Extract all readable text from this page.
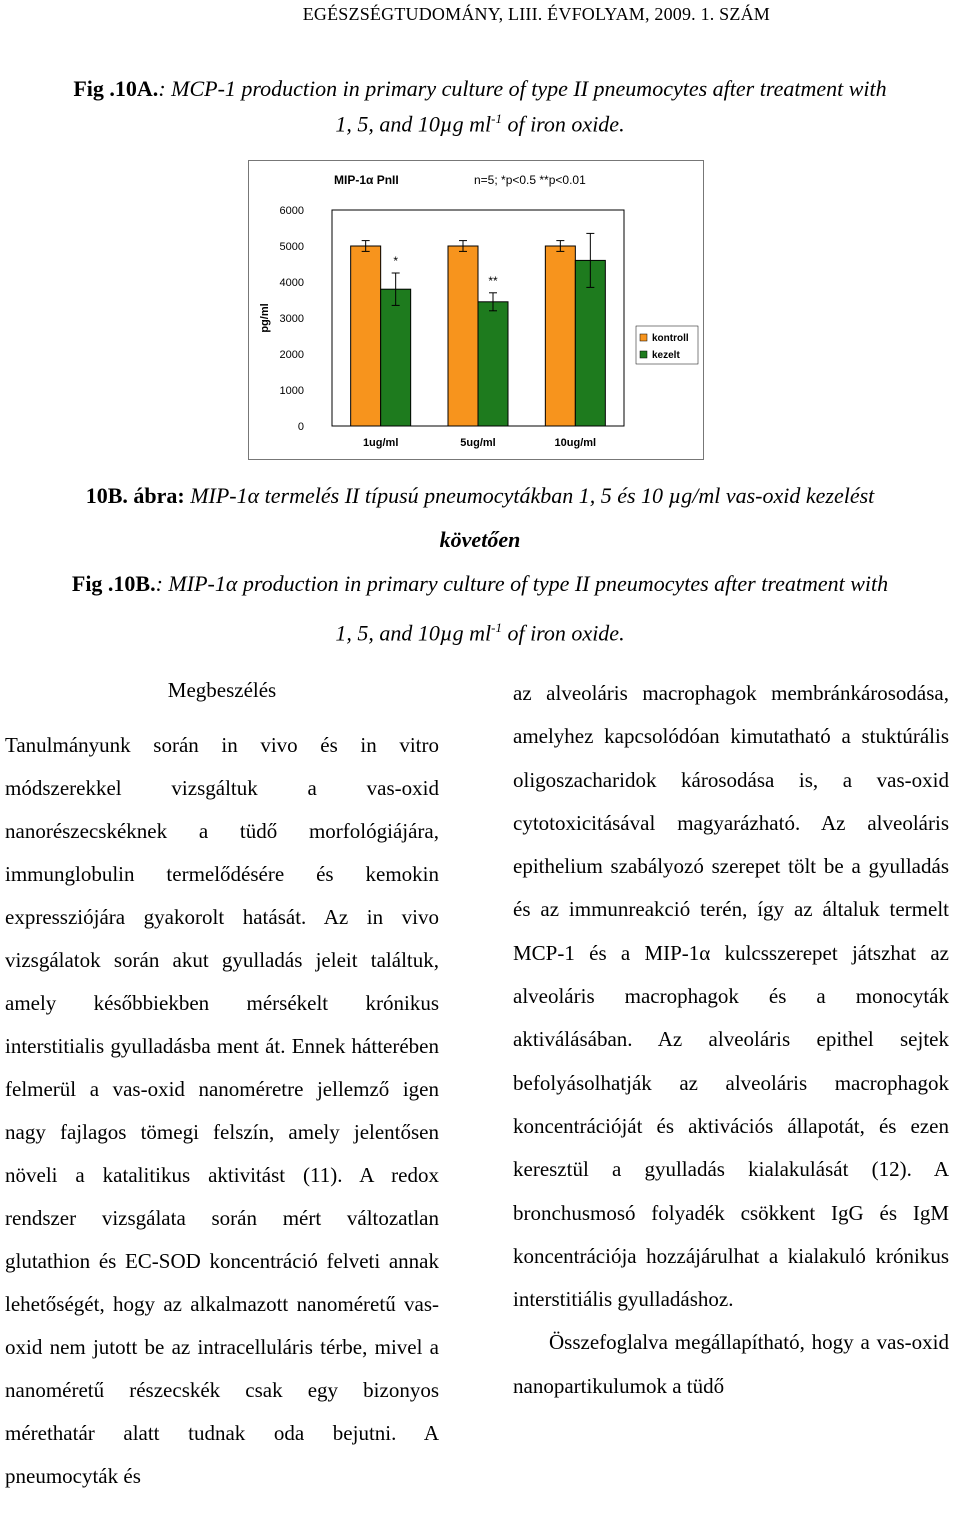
EGÉSZSÉGTUDOMÁNY, LIII. ÉVFOLYAM, 2009. 1. SZÁM
Fig .10A.: MCP-1 production in primary culture of type II pneumocytes after treatment with
1, 5, and 10µg $ml^{-1}$ of iron oxide.
MIP-1α PnII	n=5; *p<0.5 **p<0.01
0
1000
2000
3000
4000
5000
6000
pg/ml
1ug/ml
*
5ug/ml
**
10ug/ml
kontroll
kezelt
10B. ábra: MIP-1α termelés II típusú pneumocytákban 1, 5 és 10 µg/ml vas-oxid kezelést
követően
Fig .10B.: MIP-1α production in primary culture of type II pneumocytes after treatment with
1, 5, and 10µg $ml^{-1}$ of iron oxide.
Megbeszélés

Tanulmányunk során in vivo és in vitro módszerekkel vizsgáltuk a vas-oxid nanorészecskéknek a tüdő morfológiájára, immunglobulin termelődésére és kemokin expressziójára gyakorolt hatását. Az in vivo vizsgálatok során akut gyulladás jeleit találtuk, amely későbbiekben mérsékelt krónikus interstitialis gyulladásba ment át. Ennek hátterében felmerül a vas-oxid nanoméretre jellemző igen nagy fajlagos tömegi felszín, amely jelentősen növeli a katalitikus aktivitást (11). A redox rendszer vizsgálata során mért változatlan glutathion és EC-SOD koncentráció felveti annak lehetőségét, hogy az alkalmazott nanoméretű vas-oxid nem jutott be az intracelluláris térbe, mivel a nanoméretű részecskék csak egy bizonyos mérethatár alatt tudnak oda bejutni. A pneumocyták és

az alveoláris macrophagok membránkárosodása, amelyhez kapcsolódóan kimutatható a stuktúrális oligoszacharidok károsodása is, a vas-oxid cytotoxicitásával magyarázható. Az alveoláris epithelium szabályozó szerepet tölt be a gyulladás és az immunreakció terén, így az általuk termelt MCP-1 és a MIP-1α kulcsszerepet játszhat az alveoláris macrophagok és a monocyták aktiválásában. Az alveoláris epithel sejtek befolyásolhatják az alveoláris macrophagok koncentrációját és aktivációs állapotát, és ezen keresztül a gyulladás kialakulását (12). A bronchusmosó folyadék csökkent IgG és IgM koncentrációja hozzájárulhat a kialakuló krónikus interstitiális gyulladáshoz.

Összefoglalva megállapítható, hogy a vas-oxid nanopartikulumok a tüdő
